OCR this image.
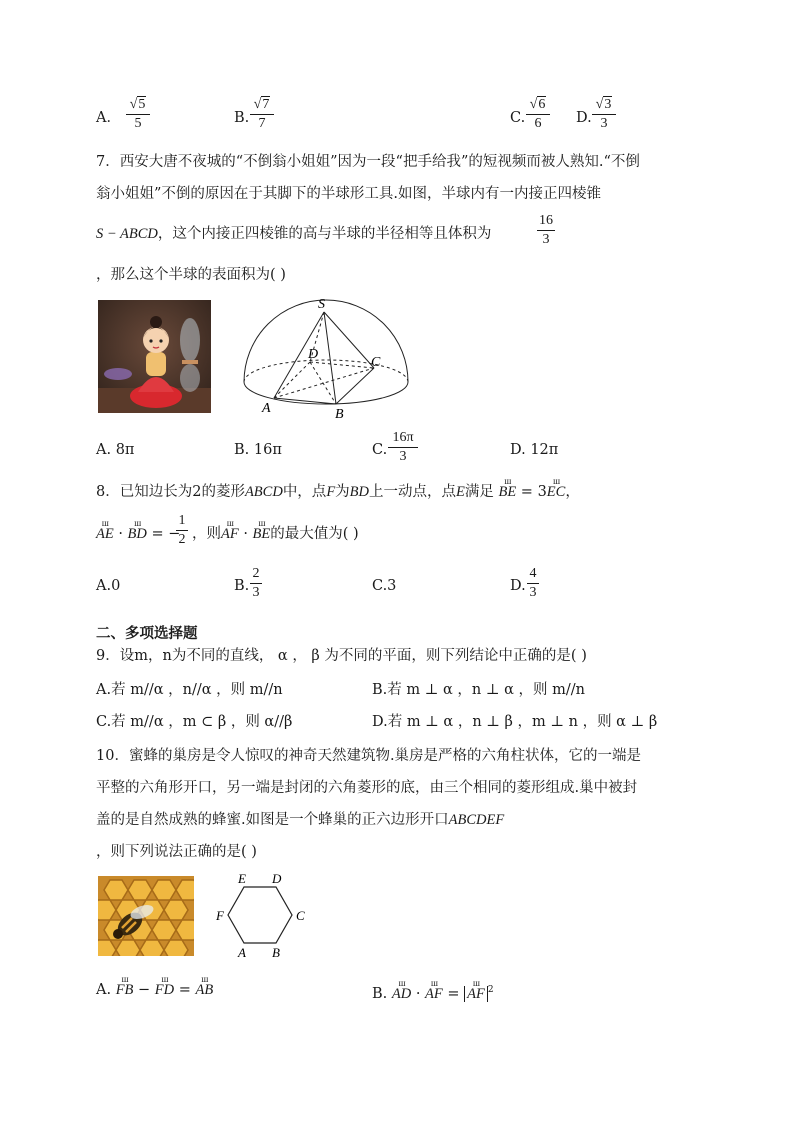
A．
√5
5	B.
√7
7	C.
√6
6	D.
√3
3
7．西安大唐不夜城的“不倒翁小姐姐”因为一段“把手给我”的短视频而被人熟知.“不倒
翁小姐姐”不倒的原因在于其脚下的半球形工具.如图，半球内有一内接正四棱锥
S − ABCD，这个内接正四棱锥的高与半球的半径相等且体积为
16
3
，那么这个半球的表面积为( )
S
D
C
A	B
A. 8π	B. 16π	C.
16π
3	D. 12π
8．已知边长为2的菱形ABCD中，点F为BD上一动点，点E满足 ш BE = 3ш EC，
ш AE · ш BD = −
1
2 ，则ш AF · ш BE的最大值为( )
A.0	B.
2
3	C.3	D.
4
3
二、多项选择题
9．设m，n为不同的直线， α ， β 为不同的平面，则下列结论中正确的是( )
A.若 m//α ，n//α ，则 m//n	B.若 m ⊥ α ，n ⊥ α ，则 m//n
C.若 m//α ，m ⊂ β ，则 α//β	D.若 m ⊥ α ，n ⊥ β ，m ⊥ n ，则 α ⊥ β
10．蜜蜂的巢房是令人惊叹的神奇天然建筑物.巢房是严格的六角柱状体，它的一端是
平整的六角形开口，另一端是封闭的六角菱形的底，由三个相同的菱形组成.巢中被封
盖的是自然成熟的蜂蜜.如图是一个蜂巢的正六边形开口ABCDEF
，则下列说法正确的是( )
E D
F	C
A B
A. ш FB − ш FD = ш AB	B. ш AD · ш AF = ш AF $^2$
